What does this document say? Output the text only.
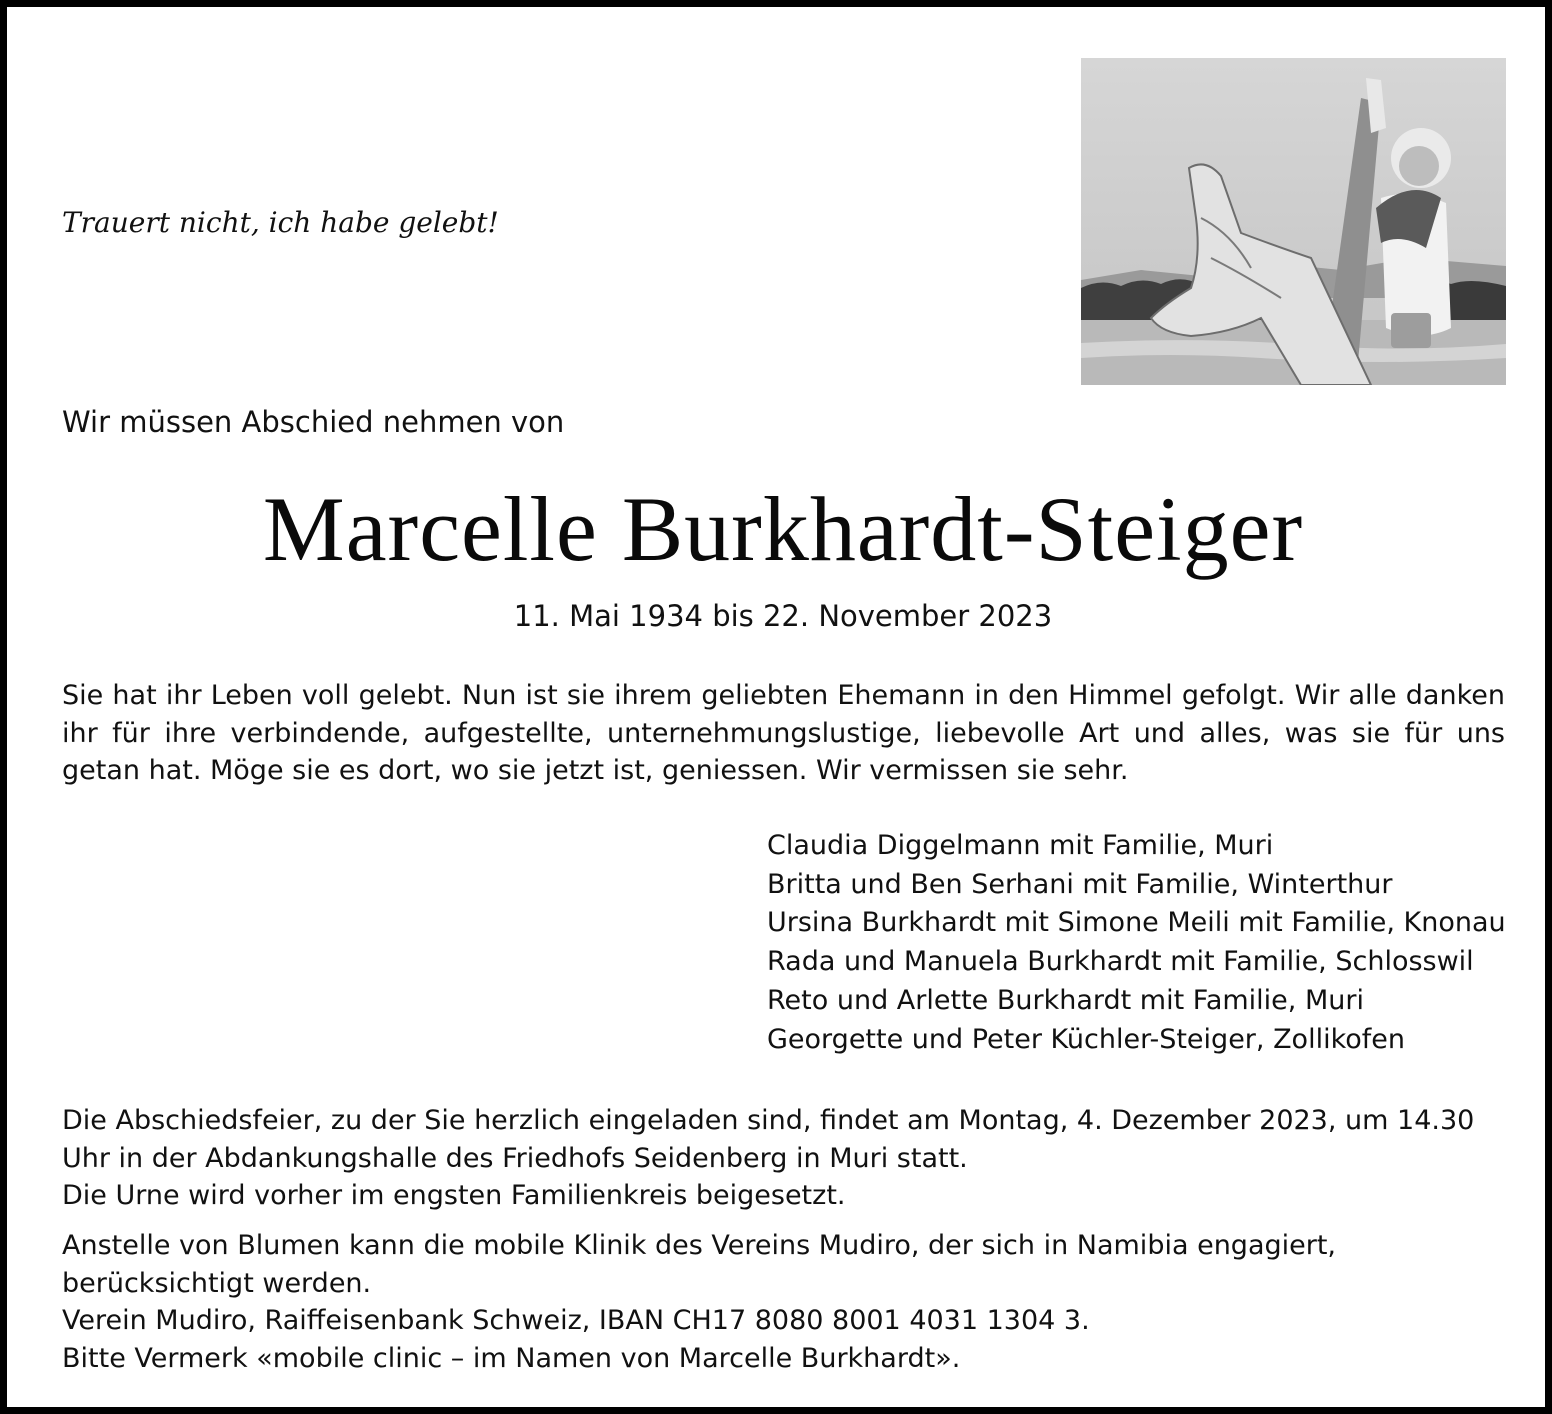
Trauert nicht, ich habe gelebt!
Wir müssen Abschied nehmen von
Marcelle Burkhardt-Steiger
11. Mai 1934 bis 22. November 2023
Sie hat ihr Leben voll gelebt. Nun ist sie ihrem geliebten Ehemann in den Himmel gefolgt. Wir alle danken ihr für ihre verbindende, aufgestellte, unternehmungslustige, liebevolle Art und alles, was sie für uns getan hat. Möge sie es dort, wo sie jetzt ist, geniessen. Wir vermissen sie sehr.
Claudia Diggelmann mit Familie, Muri
Britta und Ben Serhani mit Familie, Winterthur
Ursina Burkhardt mit Simone Meili mit Familie, Knonau
Rada und Manuela Burkhardt mit Familie, Schlosswil
Reto und Arlette Burkhardt mit Familie, Muri
Georgette und Peter Küchler-Steiger, Zollikofen
Die Abschiedsfeier, zu der Sie herzlich eingeladen sind, findet am Montag, 4. Dezember 2023, um 14.30 Uhr in der Abdankungshalle des Friedhofs Seidenberg in Muri statt.
Die Urne wird vorher im engsten Familienkreis beigesetzt.
Anstelle von Blumen kann die mobile Klinik des Vereins Mudiro, der sich in Namibia engagiert, berücksichtigt werden.
Verein Mudiro, Raiffeisenbank Schweiz, IBAN CH17 8080 8001 4031 1304 3.
Bitte Vermerk «mobile clinic – im Namen von Marcelle Burkhardt».
